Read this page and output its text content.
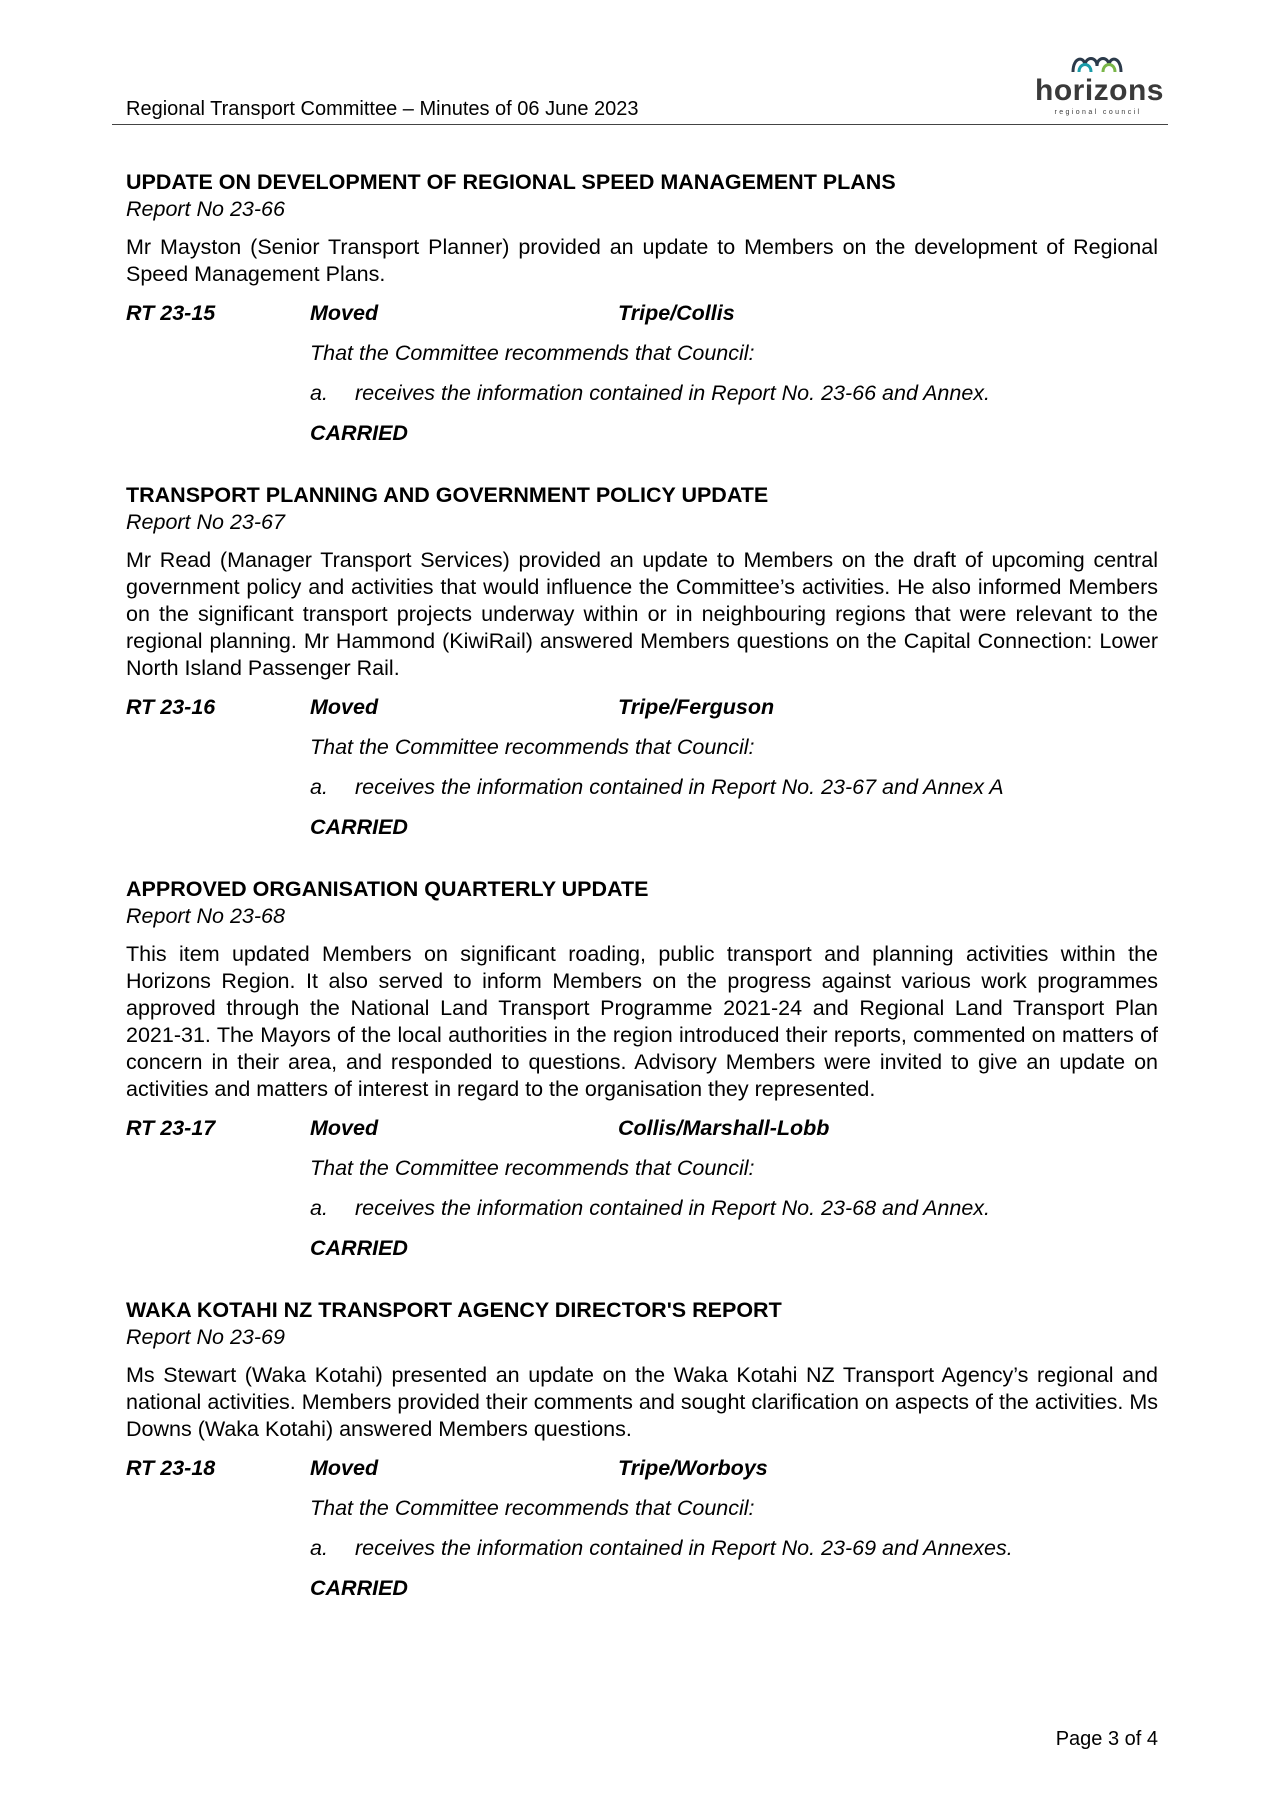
Regional Transport Committee – Minutes of 06 June 2023
horizons
regional council
UPDATE ON DEVELOPMENT OF REGIONAL SPEED MANAGEMENT PLANS
Report No 23-66
Mr Mayston (Senior Transport Planner) provided an update to Members on the development of Regional Speed Management Plans.
RT 23-15	Moved	Tripe/Collis
That the Committee recommends that Council:
a.	receives the information contained in Report No. 23-66 and Annex.
CARRIED
TRANSPORT PLANNING AND GOVERNMENT POLICY UPDATE
Report No 23-67
Mr Read (Manager Transport Services) provided an update to Members on the draft of upcoming central government policy and activities that would influence the Committee’s activities. He also informed Members on the significant transport projects underway within or in neighbouring regions that were relevant to the regional planning. Mr Hammond (KiwiRail) answered Members questions on the Capital Connection: Lower North Island Passenger Rail.
RT 23-16	Moved	Tripe/Ferguson
That the Committee recommends that Council:
a.	receives the information contained in Report No. 23-67 and Annex A
CARRIED
APPROVED ORGANISATION QUARTERLY UPDATE
Report No 23-68
This item updated Members on significant roading, public transport and planning activities within the Horizons Region. It also served to inform Members on the progress against various work programmes approved through the National Land Transport Programme 2021-24 and Regional Land Transport Plan 2021-31. The Mayors of the local authorities in the region introduced their reports, commented on matters of concern in their area, and responded to questions. Advisory Members were invited to give an update on activities and matters of interest in regard to the organisation they represented.
RT 23-17	Moved	Collis/Marshall-Lobb
That the Committee recommends that Council:
a.	receives the information contained in Report No. 23-68 and Annex.
CARRIED
WAKA KOTAHI NZ TRANSPORT AGENCY DIRECTOR'S REPORT
Report No 23-69
Ms Stewart (Waka Kotahi) presented an update on the Waka Kotahi NZ Transport Agency’s regional and national activities. Members provided their comments and sought clarification on aspects of the activities. Ms Downs (Waka Kotahi) answered Members questions.
RT 23-18	Moved	Tripe/Worboys
That the Committee recommends that Council:
a.	receives the information contained in Report No. 23-69 and Annexes.
CARRIED
Page 3 of 4
